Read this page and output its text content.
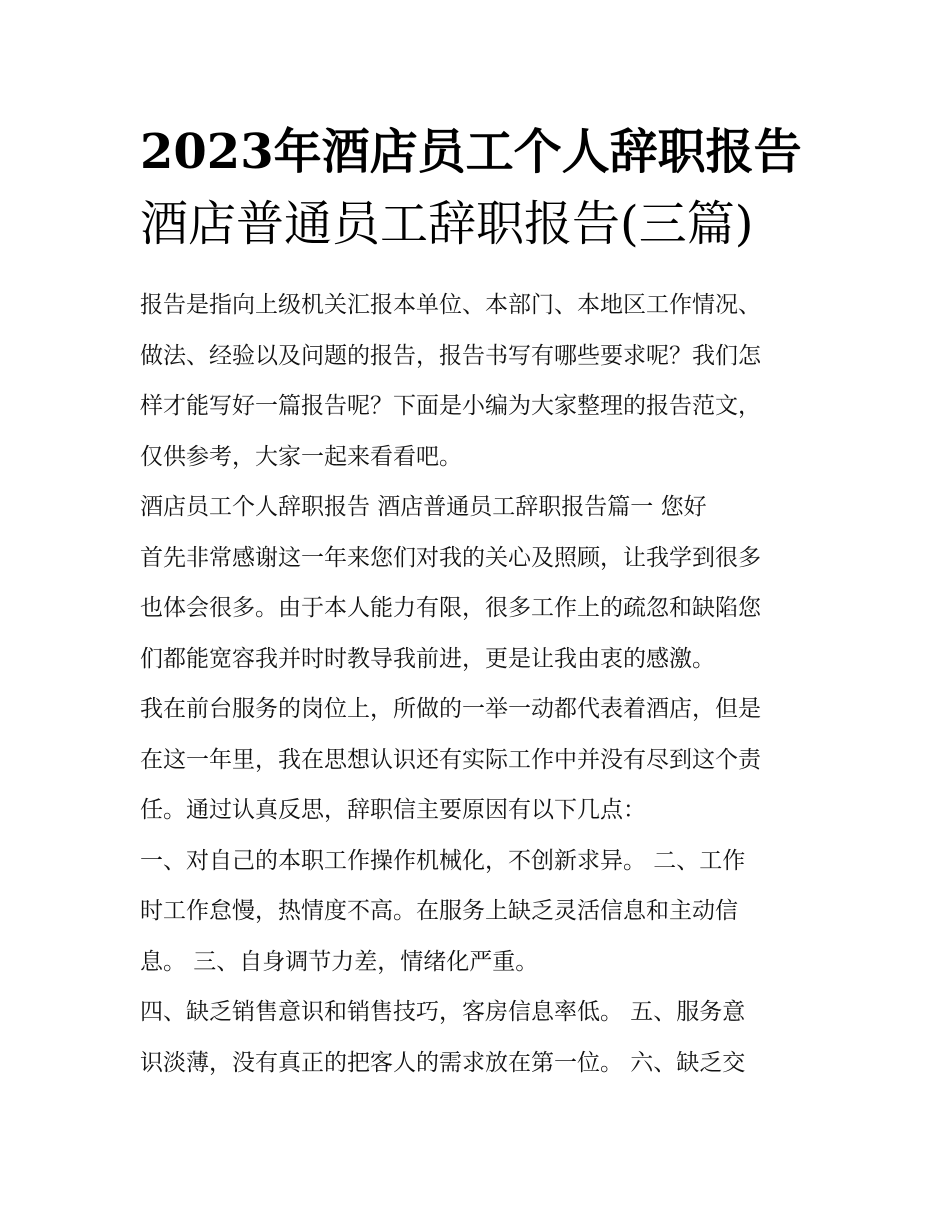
2023年酒店员工个人辞职报告
酒店普通员工辞职报告(三篇)
报告是指向上级机关汇报本单位、本部门、本地区工作情况、
做法、经验以及问题的报告，报告书写有哪些要求呢？我们怎
样才能写好一篇报告呢？下面是小编为大家整理的报告范文，
仅供参考，大家一起来看看吧。
酒店员工个人辞职报告 酒店普通员工辞职报告篇一 您好
首先非常感谢这一年来您们对我的关心及照顾，让我学到很多
也体会很多。由于本人能力有限，很多工作上的疏忽和缺陷您
们都能宽容我并时时教导我前进，更是让我由衷的感激。
我在前台服务的岗位上，所做的一举一动都代表着酒店，但是
在这一年里，我在思想认识还有实际工作中并没有尽到这个责
任。通过认真反思，辞职信主要原因有以下几点：
一、对自己的本职工作操作机械化，不创新求异。 二、工作
时工作怠慢，热情度不高。在服务上缺乏灵活信息和主动信
息。 三、自身调节力差，情绪化严重。
四、缺乏销售意识和销售技巧，客房信息率低。 五、服务意
识淡薄，没有真正的把客人的需求放在第一位。 六、缺乏交
